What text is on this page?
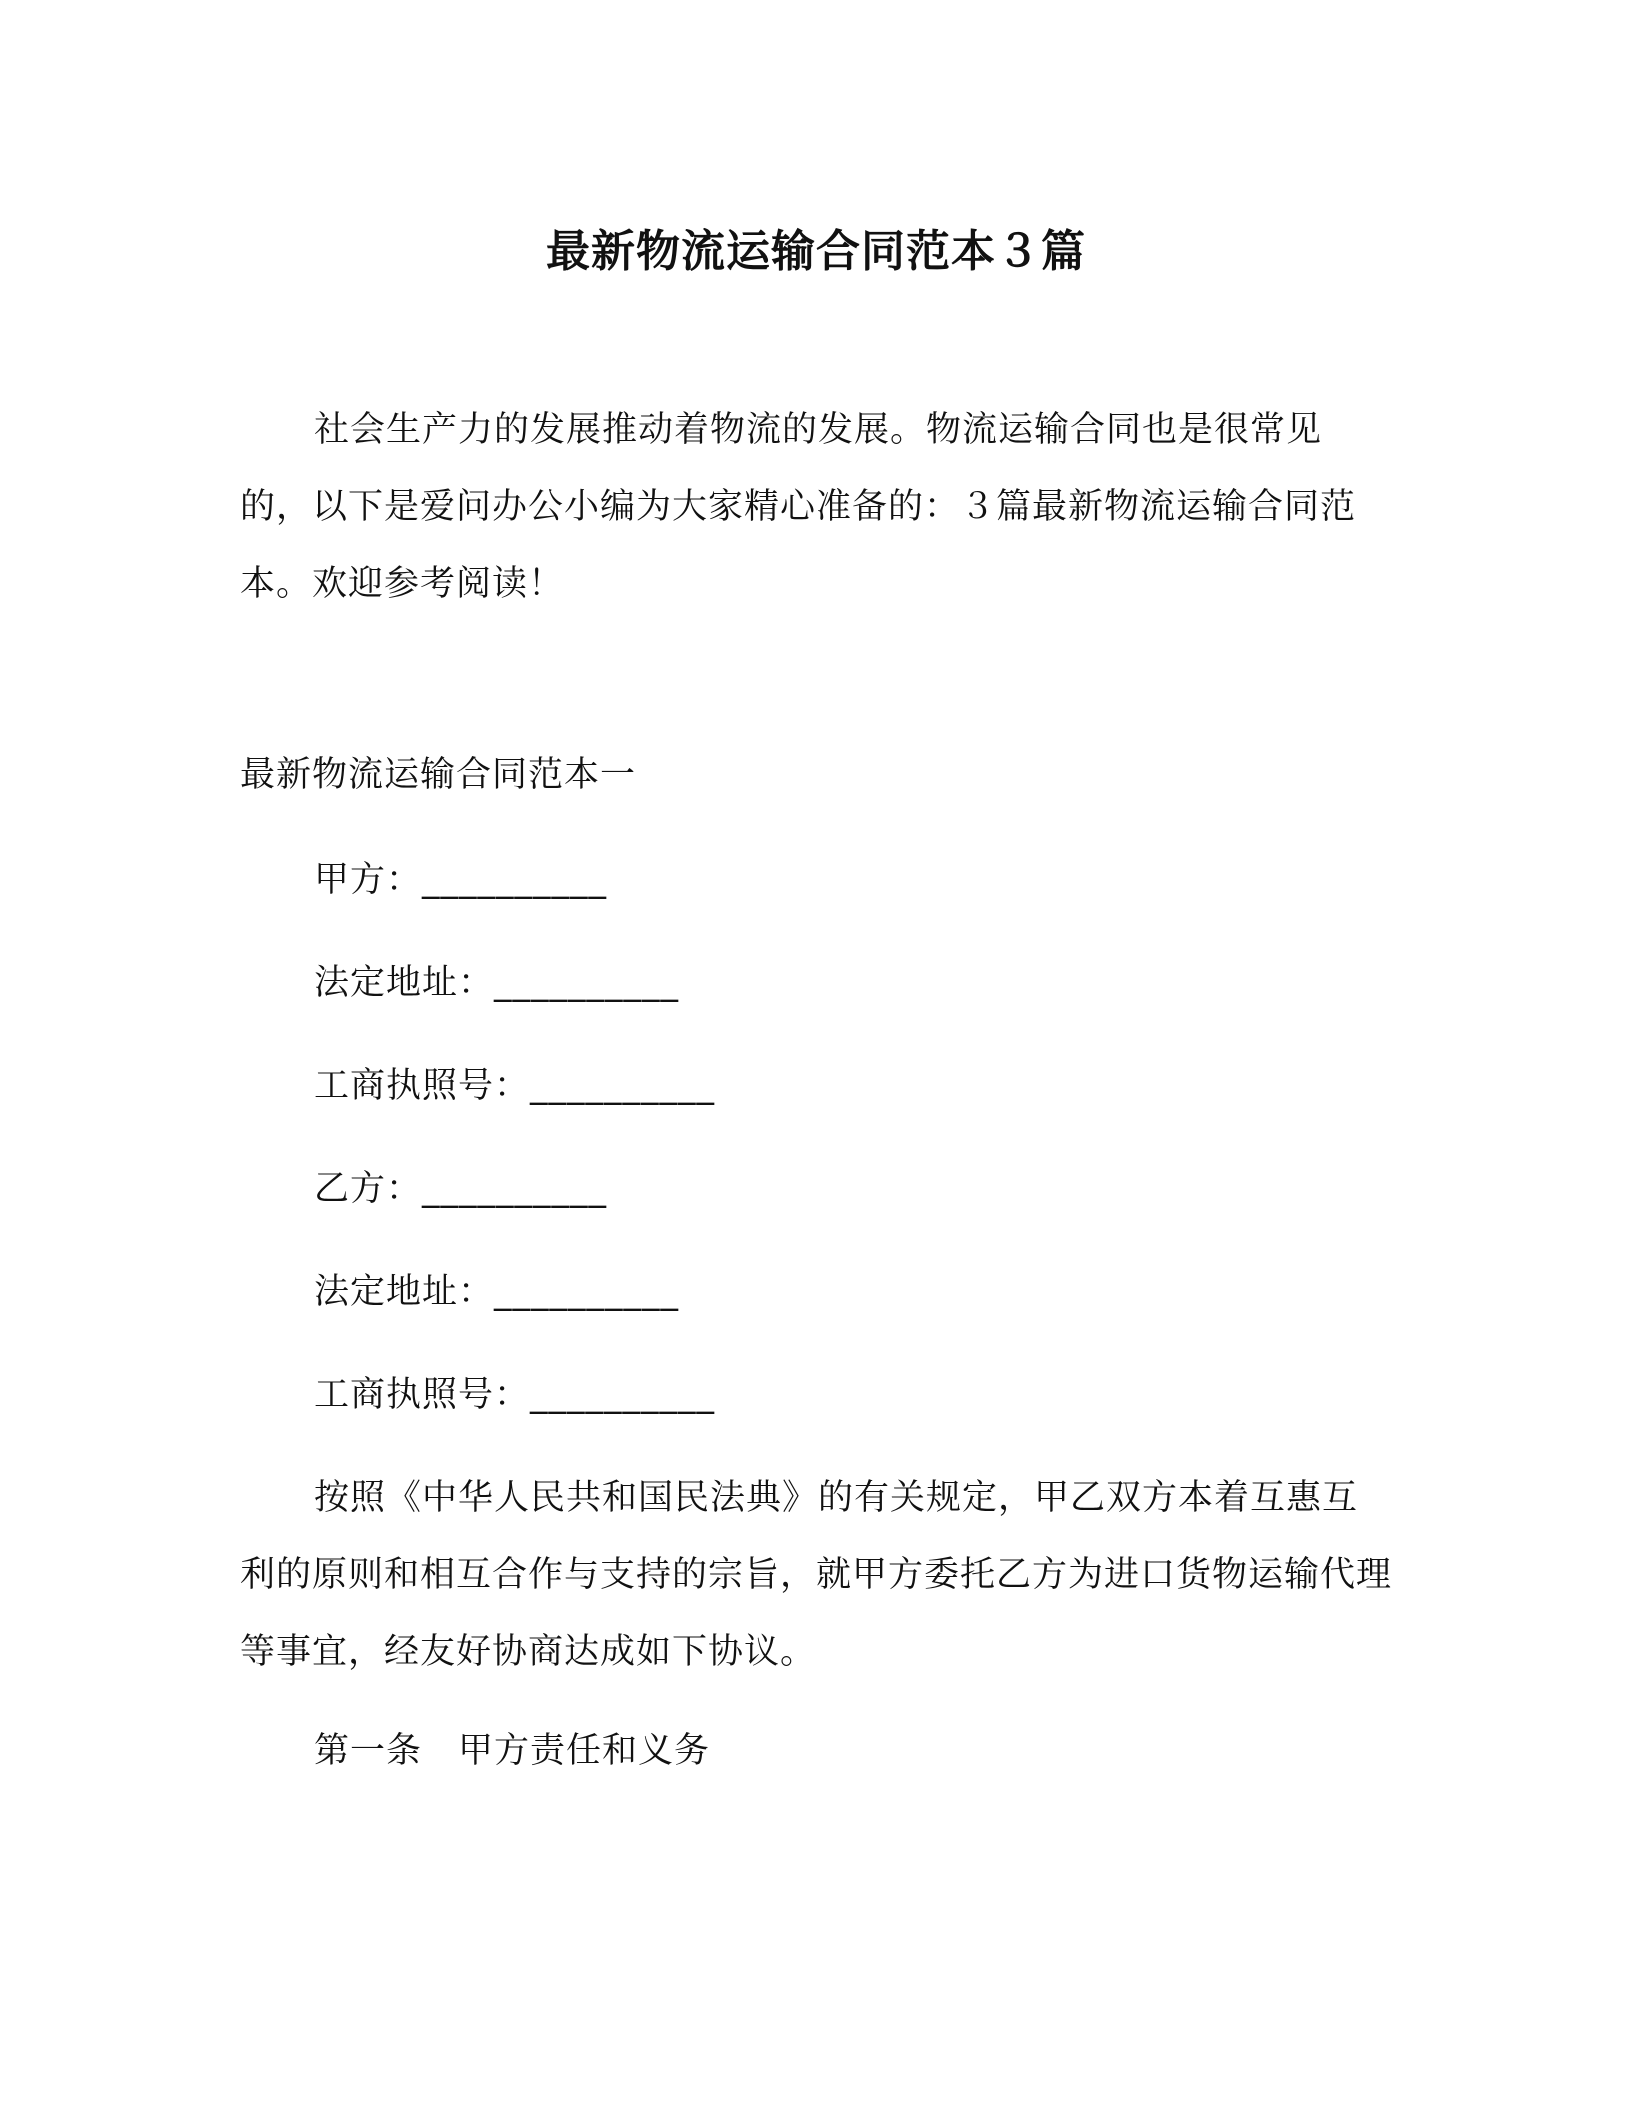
最新物流运输合同范本３篇

社会生产力的发展推动着物流的发展。物流运输合同也是很常见的，以下是爱问办公小编为大家精心准备的：３篇最新物流运输合同范本。欢迎参考阅读！

最新物流运输合同范本一
甲方：__________
法定地址：__________
工商执照号：__________
乙方：__________
法定地址：__________
工商执照号：__________

按照《中华人民共和国民法典》的有关规定，甲乙双方本着互惠互利的原则和相互合作与支持的宗旨，就甲方委托乙方为进口货物运输代理等事宜，经友好协商达成如下协议。

第一条 甲方责任和义务
